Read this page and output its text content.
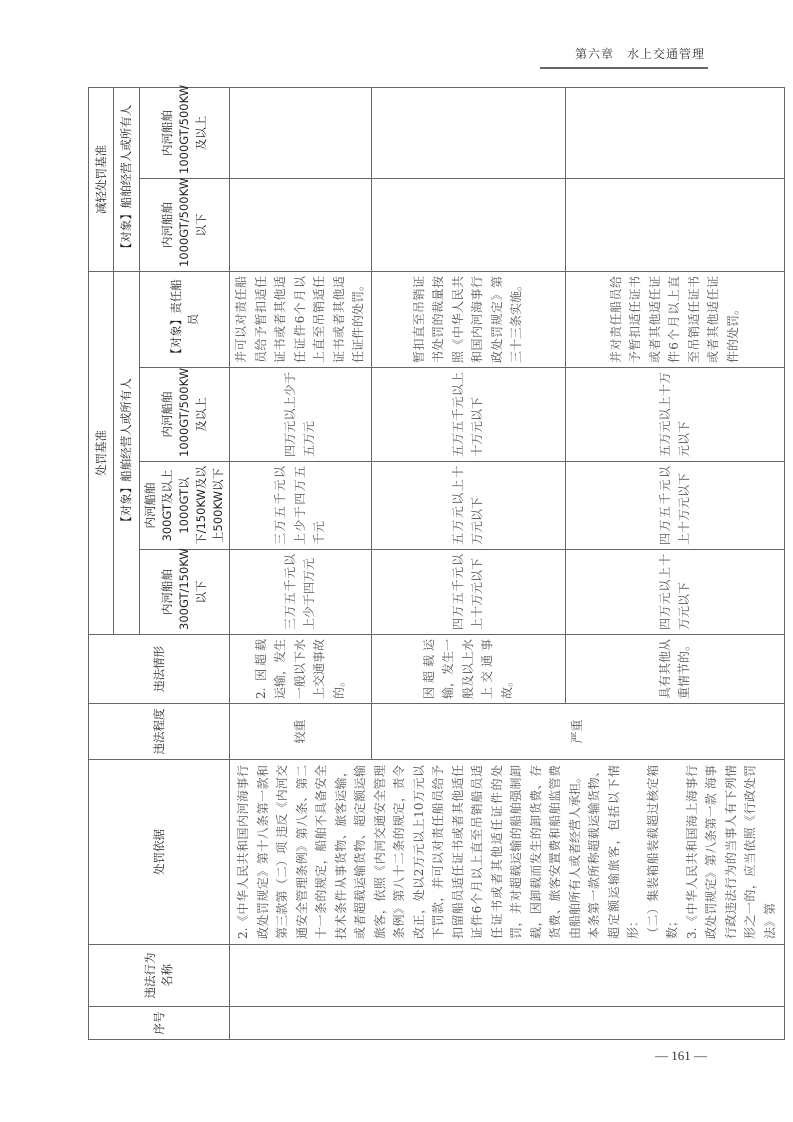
第六章　水上交通管理
序号	违法行为名称	处罚依据	违法程度	违法情形	处罚基准				减轻处罚基准	
					【对象】船舶经营人或所有人				【对象】船舶经营人或所有人	
					内河船舶300GT/150KW以下	内河船舶300GT及以上1000GT以下/150KW及以上500KW以下	内河船舶1000GT/500KW及以上	【对象】责任船员	内河船舶1000GT/500KW以下	内河船舶1000GT/500KW及以上

		2.《中华人民共和国内河海事行政处罚规定》第十八条第一款和第三款第（二）项 违反《内河交通安全管理条例》第八条、第二十一条的规定，船舶不具备安全技术条件从事货物、旅客运输，或者超载运输货物、超定额运输旅客，依照《内河交通安全管理条例》第八十二条的规定，责令改正，处以2万元以上10万元以下罚款，并可以对责任船员给予扣留船员适任证书或者其他适任证件6个月以上直至吊销船员适任证书或者其他适任证件的处罚，并对超载运输的船舶强制卸载，因卸载而发生的卸货费、存货费、旅客安置费和船舶监管费由船舶所有人或者经营人承担。 本条第一款所称超载运输货物、超定额运输旅客，包括以下情形： （二）集装箱船装载超过核定箱数； 3.《中华人民共和国海上海事行政处罚规定》第八条第一款 海事行政违法行为的当事人有下列情形之一的，应当依照《行政处罚法》第	较重	2. 因超载运输，发生一般以下水上交通事故的。	三万五千元以上少于四万元	三万五千元以上少于四万五千元	四万元以上少于五万元	并可以对责任船员给予暂扣适任证书或者其他适任证件6个月以上直至吊销适任证书或者其他适任证件的处罚。		
			严重	因超载运输，发生一般及以上水上交通事故。	四万五千元以上十万元以下	五万元以上十万元以下	五万五千元以上十万元以下	暂扣直至吊销证书处罚的裁量按照《中华人民共和国内河海事行政处罚规定》第三十三条实施。		
				具有其他从重情节的。	四万元以上十万元以下	四万五千元以上十万元以下	五万元以上十万元以下	并对责任船员给予暂扣适任证书或者其他适任证件6个月以上直至吊销适任证书或者其他适任证件的处罚。		
— 161 —
